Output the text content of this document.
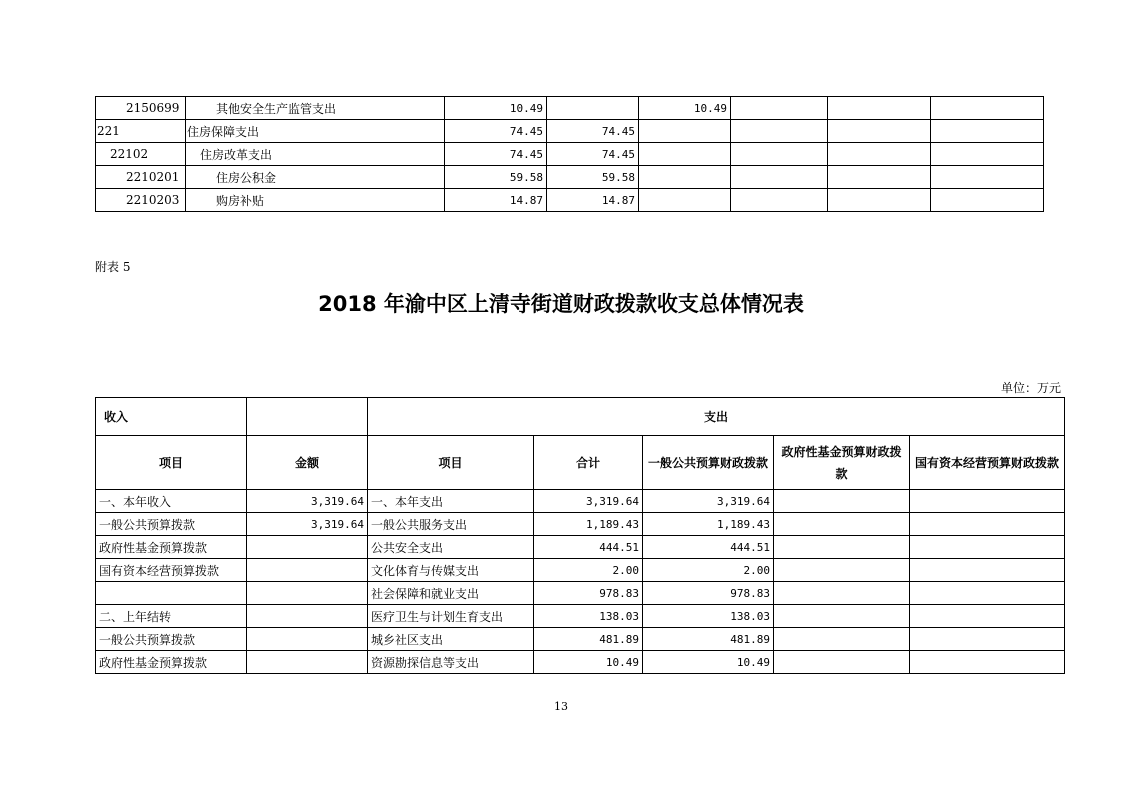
2150699	其他安全生产监管支出	10.49		10.49			
221	住房保障支出	74.45	74.45				
22102	住房改革支出	74.45	74.45				
2210201	住房公积金	59.58	59.58				
2210203	购房补贴	14.87	14.87				
附表 5
2018 年渝中区上清寺街道财政拨款收支总体情况表
单位：万元
收入		支出				
项目	金额	项目	合计	一般公共预算财政拨款	政府性基金预算财政拨款	国有资本经营预算财政拨款
一、本年收入	3,319.64	一、本年支出	3,319.64	3,319.64		
一般公共预算拨款	3,319.64	一般公共服务支出	1,189.43	1,189.43		
政府性基金预算拨款		公共安全支出	444.51	444.51		
国有资本经营预算拨款		文化体育与传媒支出	2.00	2.00		
		社会保障和就业支出	978.83	978.83		
二、上年结转		医疗卫生与计划生育支出	138.03	138.03		
一般公共预算拨款		城乡社区支出	481.89	481.89		
政府性基金预算拨款		资源勘探信息等支出	10.49	10.49		
13
